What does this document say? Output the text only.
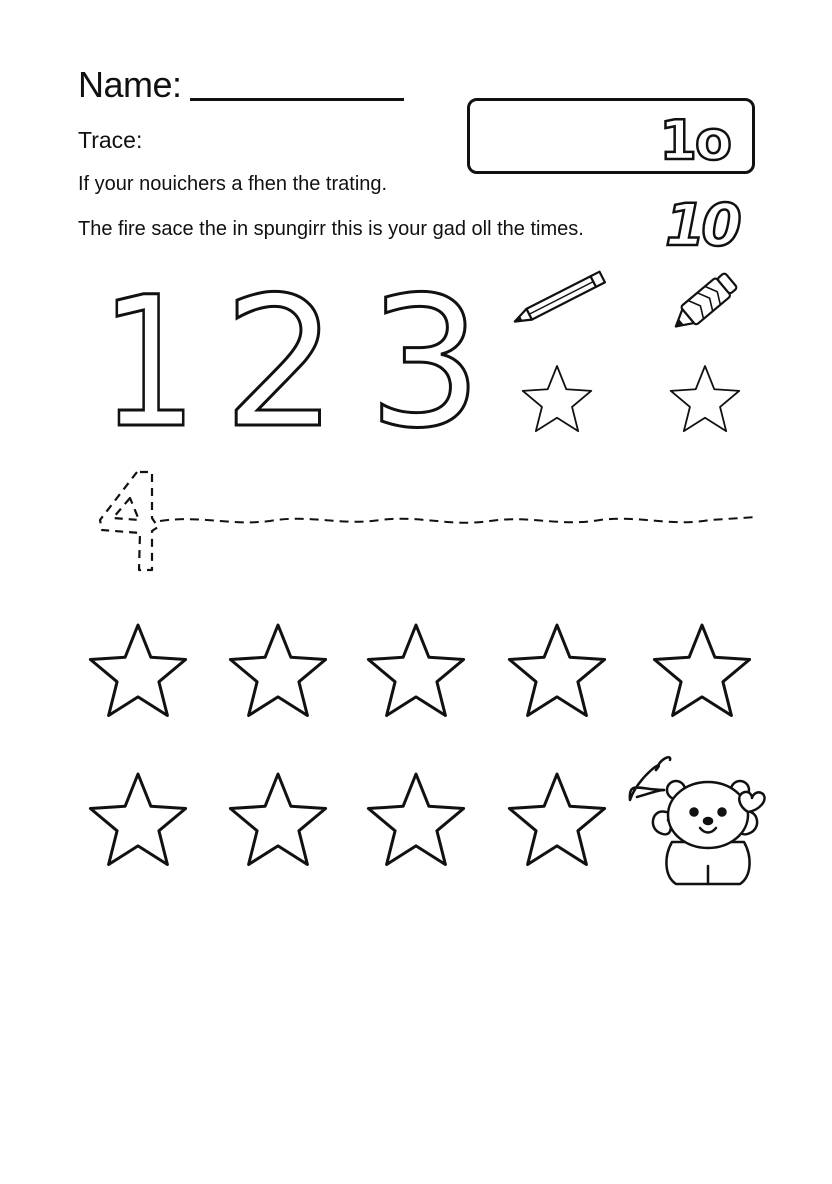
Name:
Trace:
If your nouichers a fhen the trating.
The fire sace the in spungirr this is your gad oll the times.
1o
10
1 2 3
